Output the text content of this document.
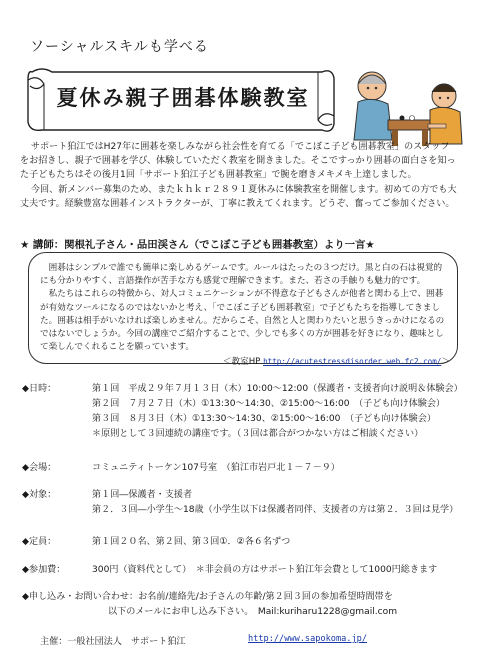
ソーシャルスキルも学べる
夏休み親子囲碁体験教室

サポート狛江ではH27年に囲碁を楽しみながら社会性を育てる「でこぼこ子ども囲碁教室」のスタッフをお招きし、親子で囲碁を学び、体験していただく教室を開きました。そこですっかり囲碁の面白さを知った子どもたちはその後月1回「サポート狛江子ども囲碁教室」で腕を磨きメキメキ上達しました。

今回、新メンバー募集のため、またｋｈｋｒ２８９１夏休みに体験教室を開催します。初めての方でも大丈夫です。経験豊富な囲碁インストラクターが、丁寧に教えてくれます。どうぞ、奮ってご参加ください。

★ 講師：関根礼子さん・品田渓さん（でこぼこ子ども囲碁教室）より一言★

囲碁はシンプルで誰でも簡単に楽しめるゲームです。ルールはたったの３つだけ。黒と白の石は視覚的にも分かりやすく、言語操作が苦手な方も感覚で理解できます。また、若さの手触りも魅力的です。

私たちはこれらの特徴から、対人コミュニケーションが不得意な子どもさんが他者と関わる上で、囲碁が有効なツールになるのではないかと考え、「でこぼこ子ども囲碁教室」で子どもたちを指導してきました。囲碁は相手がいなければ楽しめません。だからこそ、自然と人と関わりたいと思うきっかけになるのではないでしょうか。今回の講座でご紹介することで、少しでも多くの方が囲碁を好きになり、趣味として楽しんでくれることを願っています。

＜教室HP http://acutestressdisorder.web.fc2.com/＞
◆日時：	第１回　平成２９年７月１３日（木）10:00～12:00（保護者・支援者向け説明＆体験会）
第２回　７月２７日（木）①13:30～14:30、②15:00～16:00　（子ども向け体験会）
第３回　８月３日（木）①13:30～14:30、②15:00～16:00　（子ども向け体験会）
＊原則として３回連続の講座です。（３回は都合がつかない方はご相談ください）
◆会場：	コミュニティトーケン107号室　（狛江市岩戸北１－７－９）
◆対象：	第１回―保護者・支援者
第２．３回―小学生～18歳（小学生以下は保護者同伴、支援者の方は第２．３回は見学）
◆定員：	第１回２０名、第２回、第３回①．②各６名ずつ
◆参加費：	300円（資料代として）　＊非会員の方はサポート狛江年会費として1000円総きます
◆申し込み・お問い合わせ：お名前/連絡先/お子さんの年齢/第２回３回の参加希望時間帯を
以下のメールにお申し込み下さい。　Mail:kuriharu1228@gmail.com
主催：一般社団法人　サポート狛江	http://www.sapokoma.jp/
